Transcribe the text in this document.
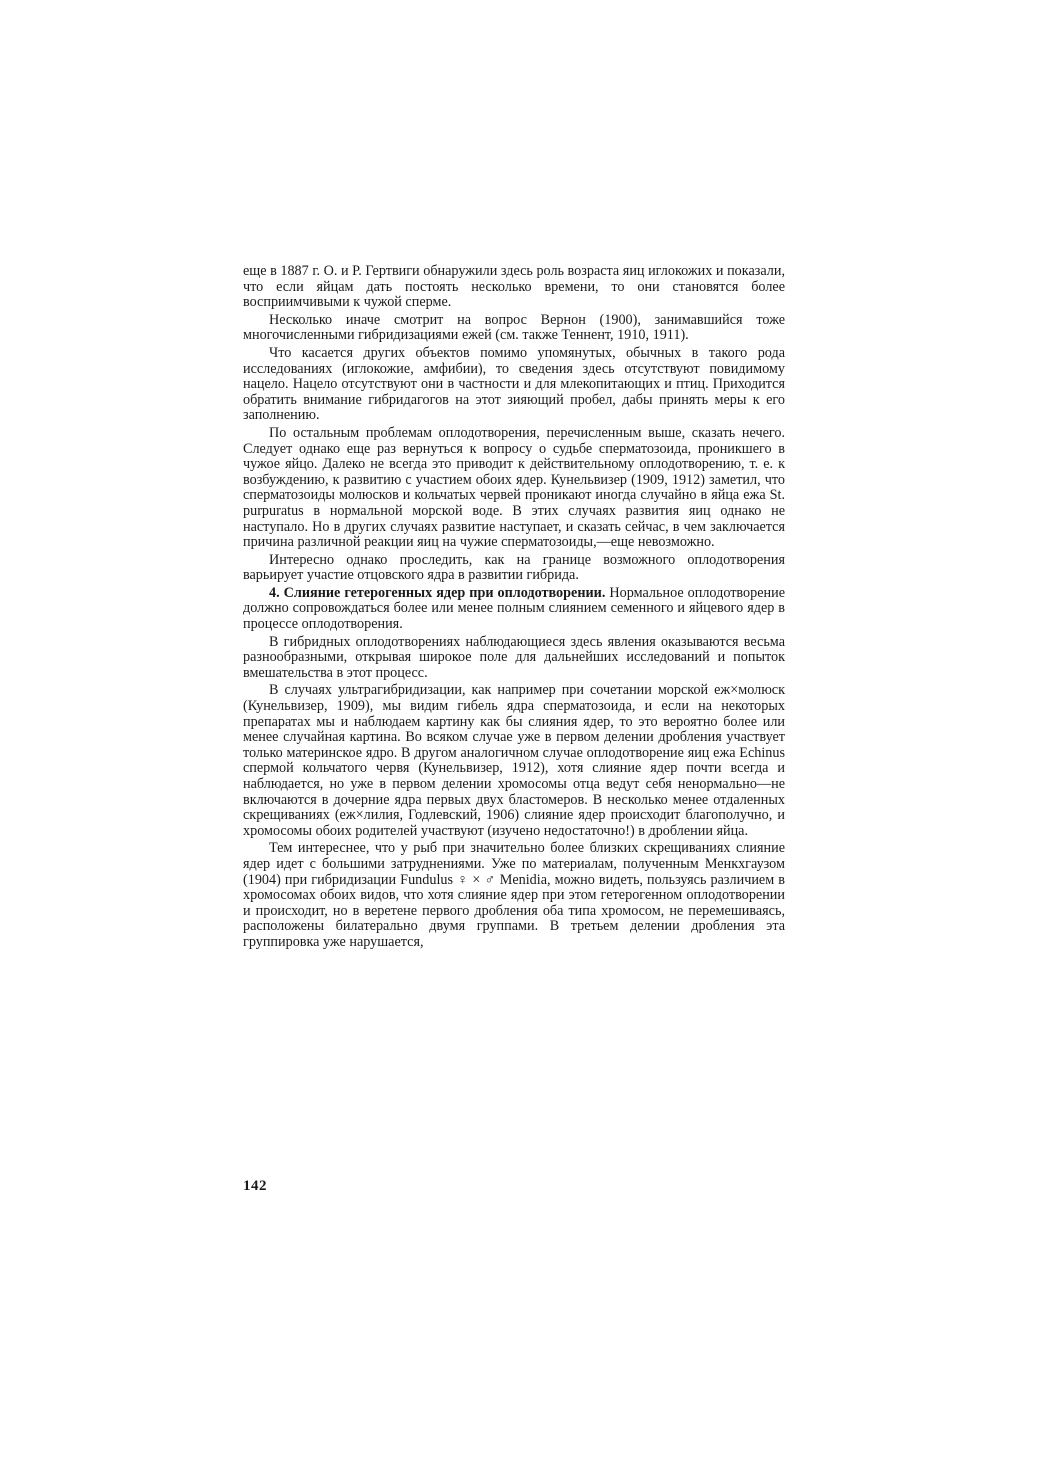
еще в 1887 г. О. и Р. Гертвиги обнаружили здесь роль возраста яиц иглокожих и показали, что если яйцам дать постоять несколько времени, то они становятся более восприимчивыми к чужой сперме.

Несколько иначе смотрит на вопрос Вернон (1900), занимавшийся тоже многочисленными гибридизациями ежей (см. также Теннент, 1910, 1911).

Что касается других объектов помимо упомянутых, обычных в такого рода исследованиях (иглокожие, амфибии), то сведения здесь отсутствуют повидимому нацело. Нацело отсутствуют они в частности и для млекопитающих и птиц. Приходится обратить внимание гибридагогов на этот зияющий пробел, дабы принять меры к его заполнению.

По остальным проблемам оплодотворения, перечисленным выше, сказать нечего. Следует однако еще раз вернуться к вопросу о судьбе сперматозоида, проникшего в чужое яйцо. Далеко не всегда это приводит к действительному оплодотворению, т. е. к возбуждению, к развитию с участием обоих ядер. Кунельвизер (1909, 1912) заметил, что сперматозоиды молюсков и кольчатых червей проникают иногда случайно в яйца ежа St. purpuratus в нормальной морской воде. В этих случаях развития яиц однако не наступало. Но в других случаях развитие наступает, и сказать сейчас, в чем заключается причина различной реакции яиц на чужие сперматозоиды,—еще невозможно.

Интересно однако проследить, как на границе возможного оплодотворения варьирует участие отцовского ядра в развитии гибрида.

4. Слияние гетерогенных ядер при оплодотворении. Нормальное оплодотворение должно сопровождаться более или менее полным слиянием семенного и яйцевого ядер в процессе оплодотворения.

В гибридных оплодотворениях наблюдающиеся здесь явления оказываются весьма разнообразными, открывая широкое поле для дальнейших исследований и попыток вмешательства в этот процесс.

В случаях ультрагибридизации, как например при сочетании морской еж×молюск (Кунельвизер, 1909), мы видим гибель ядра сперматозоида, и если на некоторых препаратах мы и наблюдаем картину как бы слияния ядер, то это вероятно более или менее случайная картина. Во всяком случае уже в первом делении дробления участвует только материнское ядро. В другом аналогичном случае оплодотворение яиц ежа Echinus спермой кольчатого червя (Кунельвизер, 1912), хотя слияние ядер почти всегда и наблюдается, но уже в первом делении хромосомы отца ведут себя ненормально—не включаются в дочерние ядра первых двух бластомеров. В несколько менее отдаленных скрещиваниях (еж×лилия, Годлевский, 1906) слияние ядер происходит благополучно, и хромосомы обоих родителей участвуют (изучено недостаточно!) в дроблении яйца.

Тем интереснее, что у рыб при значительно более близких скрещиваниях слияние ядер идет с большими затруднениями. Уже по материалам, полученным Менкхгаузом (1904) при гибридизации Fundulus ♀ × ♂ Menidia, можно видеть, пользуясь различием в хромосомах обоих видов, что хотя слияние ядер при этом гетерогенном оплодотворении и происходит, но в веретене первого дробления оба типа хромосом, не перемешиваясь, расположены билатерально двумя группами. В третьем делении дробления эта группировка уже нарушается,

142
